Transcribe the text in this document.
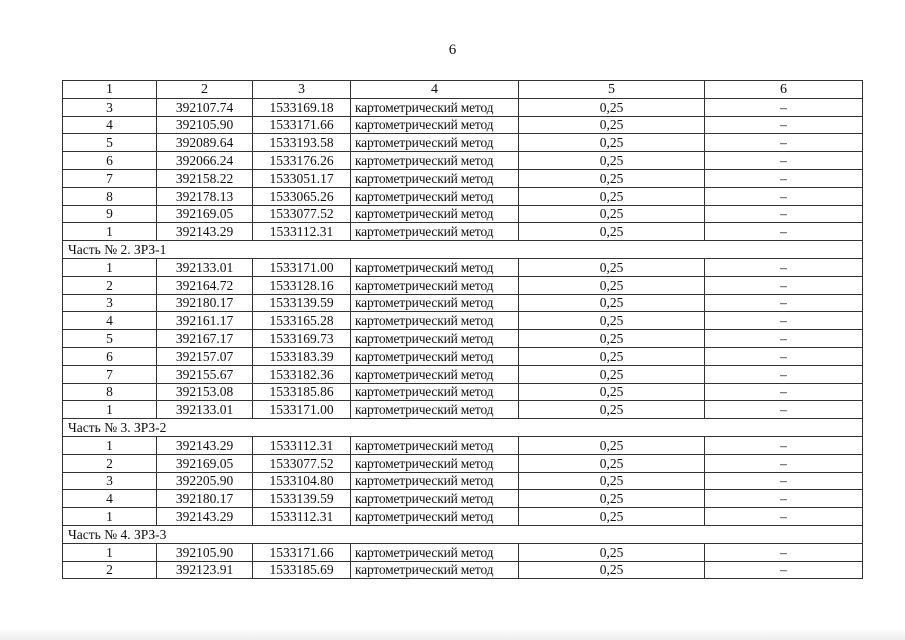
6
1	2	3	4	5	6
3	392107.74	1533169.18	картометрический метод	0,25	–
4	392105.90	1533171.66	картометрический метод	0,25	–
5	392089.64	1533193.58	картометрический метод	0,25	–
6	392066.24	1533176.26	картометрический метод	0,25	–
7	392158.22	1533051.17	картометрический метод	0,25	–
8	392178.13	1533065.26	картометрический метод	0,25	–
9	392169.05	1533077.52	картометрический метод	0,25	–
1	392143.29	1533112.31	картометрический метод	0,25	–
Часть № 2. ЗРЗ-1					
1	392133.01	1533171.00	картометрический метод	0,25	–
2	392164.72	1533128.16	картометрический метод	0,25	–
3	392180.17	1533139.59	картометрический метод	0,25	–
4	392161.17	1533165.28	картометрический метод	0,25	–
5	392167.17	1533169.73	картометрический метод	0,25	–
6	392157.07	1533183.39	картометрический метод	0,25	–
7	392155.67	1533182.36	картометрический метод	0,25	–
8	392153.08	1533185.86	картометрический метод	0,25	–
1	392133.01	1533171.00	картометрический метод	0,25	–
Часть № 3. ЗРЗ-2					
1	392143.29	1533112.31	картометрический метод	0,25	–
2	392169.05	1533077.52	картометрический метод	0,25	–
3	392205.90	1533104.80	картометрический метод	0,25	–
4	392180.17	1533139.59	картометрический метод	0,25	–
1	392143.29	1533112.31	картометрический метод	0,25	–
Часть № 4. ЗРЗ-3					
1	392105.90	1533171.66	картометрический метод	0,25	–
2	392123.91	1533185.69	картометрический метод	0,25	–
